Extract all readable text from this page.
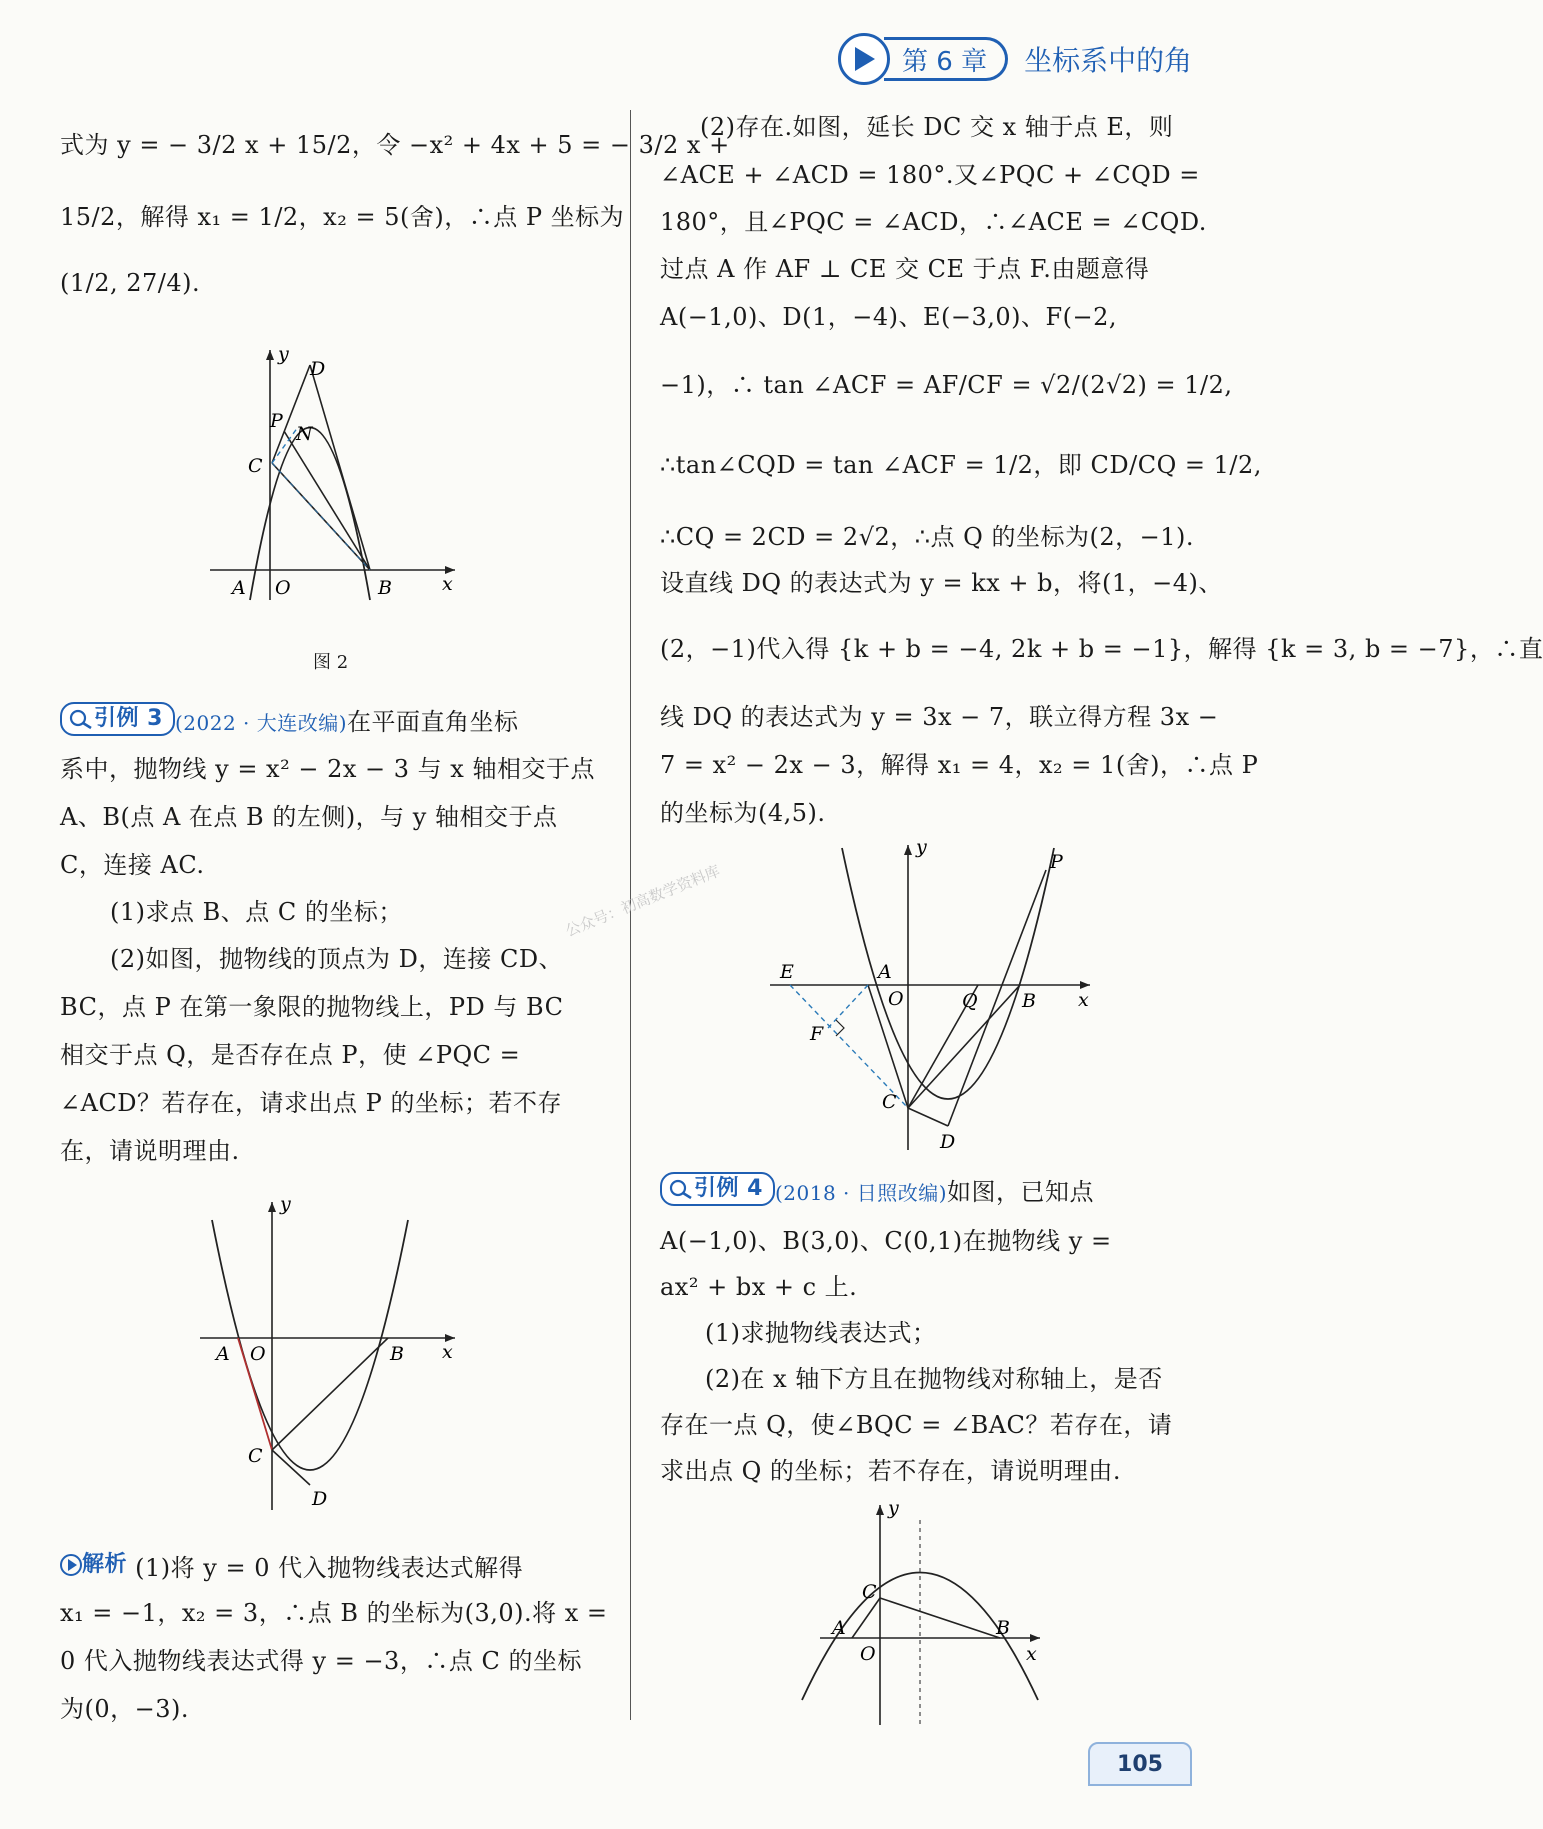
第 6 章	坐标系中的角
式为 y = − 3/2 x + 15/2，令 −x² + 4x + 5 = − 3/2 x +
15/2，解得 x₁ = 1/2，x₂ = 5(舍)，∴点 P 坐标为
(1/2, 27/4).
y
D
P
N
C
A O	B	x
图 2
引例 3 (2022 · 大连改编)在平面直角坐标
系中，抛物线 y = x² − 2x − 3 与 x 轴相交于点
A、B(点 A 在点 B 的左侧)，与 y 轴相交于点
C，连接 AC.
(1)求点 B、点 C 的坐标；
(2)如图，抛物线的顶点为 D，连接 CD、
BC，点 P 在第一象限的抛物线上，PD 与 BC
相交于点 Q，是否存在点 P，使 ∠PQC =
∠ACD？若存在，请求出点 P 的坐标；若不存
在，请说明理由.
y
A O	B x
C
D
解析 (1)将 y = 0 代入抛物线表达式解得
x₁ = −1，x₂ = 3，∴点 B 的坐标为(3,0).将 x =
0 代入抛物线表达式得 y = −3，∴点 C 的坐标
为(0，−3).
(2)存在.如图，延长 DC 交 x 轴于点 E，则
∠ACE + ∠ACD = 180°.又∠PQC + ∠CQD =
180°，且∠PQC = ∠ACD，∴∠ACE = ∠CQD.
过点 A 作 AF ⊥ CE 交 CE 于点 F.由题意得
A(−1,0)、D(1，−4)、E(−3,0)、F(−2,
−1)，∴ tan ∠ACF = AF/CF = √2/(2√2) = 1/2,
∴tan∠CQD = tan ∠ACF = 1/2，即 CD/CQ = 1/2,
∴CQ = 2CD = 2√2，∴点 Q 的坐标为(2，−1).
设直线 DQ 的表达式为 y = kx + b，将(1，−4)、
(2，−1)代入得 {k + b = −4, 2k + b = −1}，解得 {k = 3, b = −7}，∴直
线 DQ 的表达式为 y = 3x − 7，联立得方程 3x −
7 = x² − 2x − 3，解得 x₁ = 4，x₂ = 1(舍)，∴点 P
的坐标为(4,5).
y
P
E	A
O	Q B x
F
C
D
引例 4 (2018 · 日照改编)如图，已知点
A(−1,0)、B(3,0)、C(0,1)在抛物线 y =
ax² + bx + c 上.
(1)求抛物线表达式；
(2)在 x 轴下方且在抛物线对称轴上，是否
存在一点 Q，使∠BQC = ∠BAC？若存在，请
求出点 Q 的坐标；若不存在，请说明理由.
y
C
A	B
x
O
公众号：初高数学资料库
105
